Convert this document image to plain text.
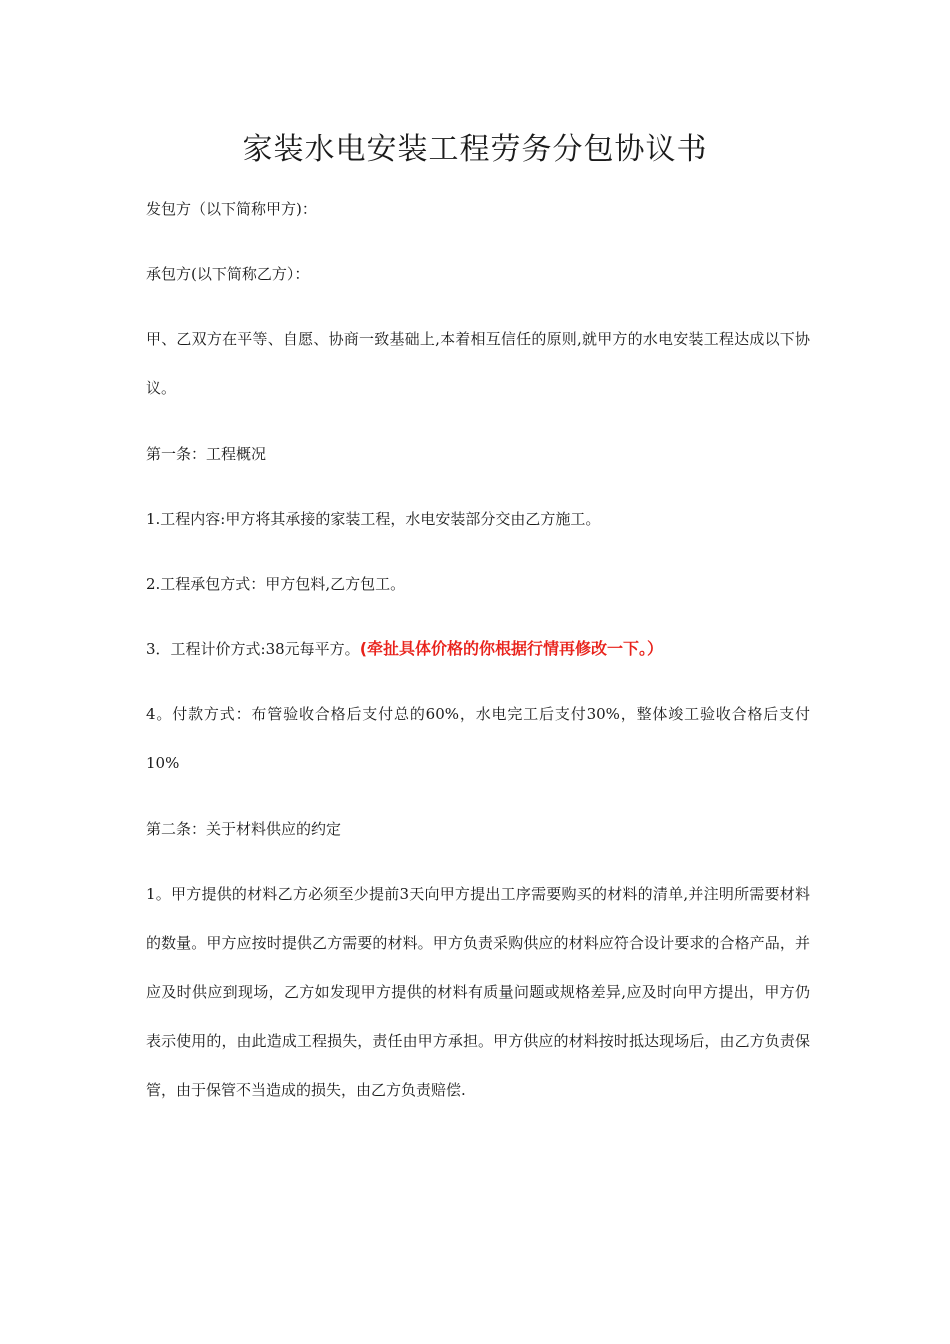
家装水电安装工程劳务分包协议书

发包方（以下简称甲方)：

承包方(以下简称乙方）：

甲、乙双方在平等、自愿、协商一致基础上,本着相互信任的原则,就甲方的水电安装工程达成以下协议。

第一条：工程概况

1.工程内容:甲方将其承接的家装工程，水电安装部分交由乙方施工。

2.工程承包方式：甲方包料,乙方包工。

3．工程计价方式:38元每平方。(牵扯具体价格的你根据行情再修改一下。）

4。付款方式：布管验收合格后支付总的60%，水电完工后支付30%，整体竣工验收合格后支付10%

第二条：关于材料供应的约定

1。甲方提供的材料乙方必须至少提前3天向甲方提出工序需要购买的材料的清单,并注明所需要材料的数量。甲方应按时提供乙方需要的材料。甲方负责采购供应的材料应符合设计要求的合格产品，并应及时供应到现场，乙方如发现甲方提供的材料有质量问题或规格差异,应及时向甲方提出，甲方仍表示使用的，由此造成工程损失，责任由甲方承担。甲方供应的材料按时抵达现场后，由乙方负责保管，由于保管不当造成的损失，由乙方负责赔偿.
